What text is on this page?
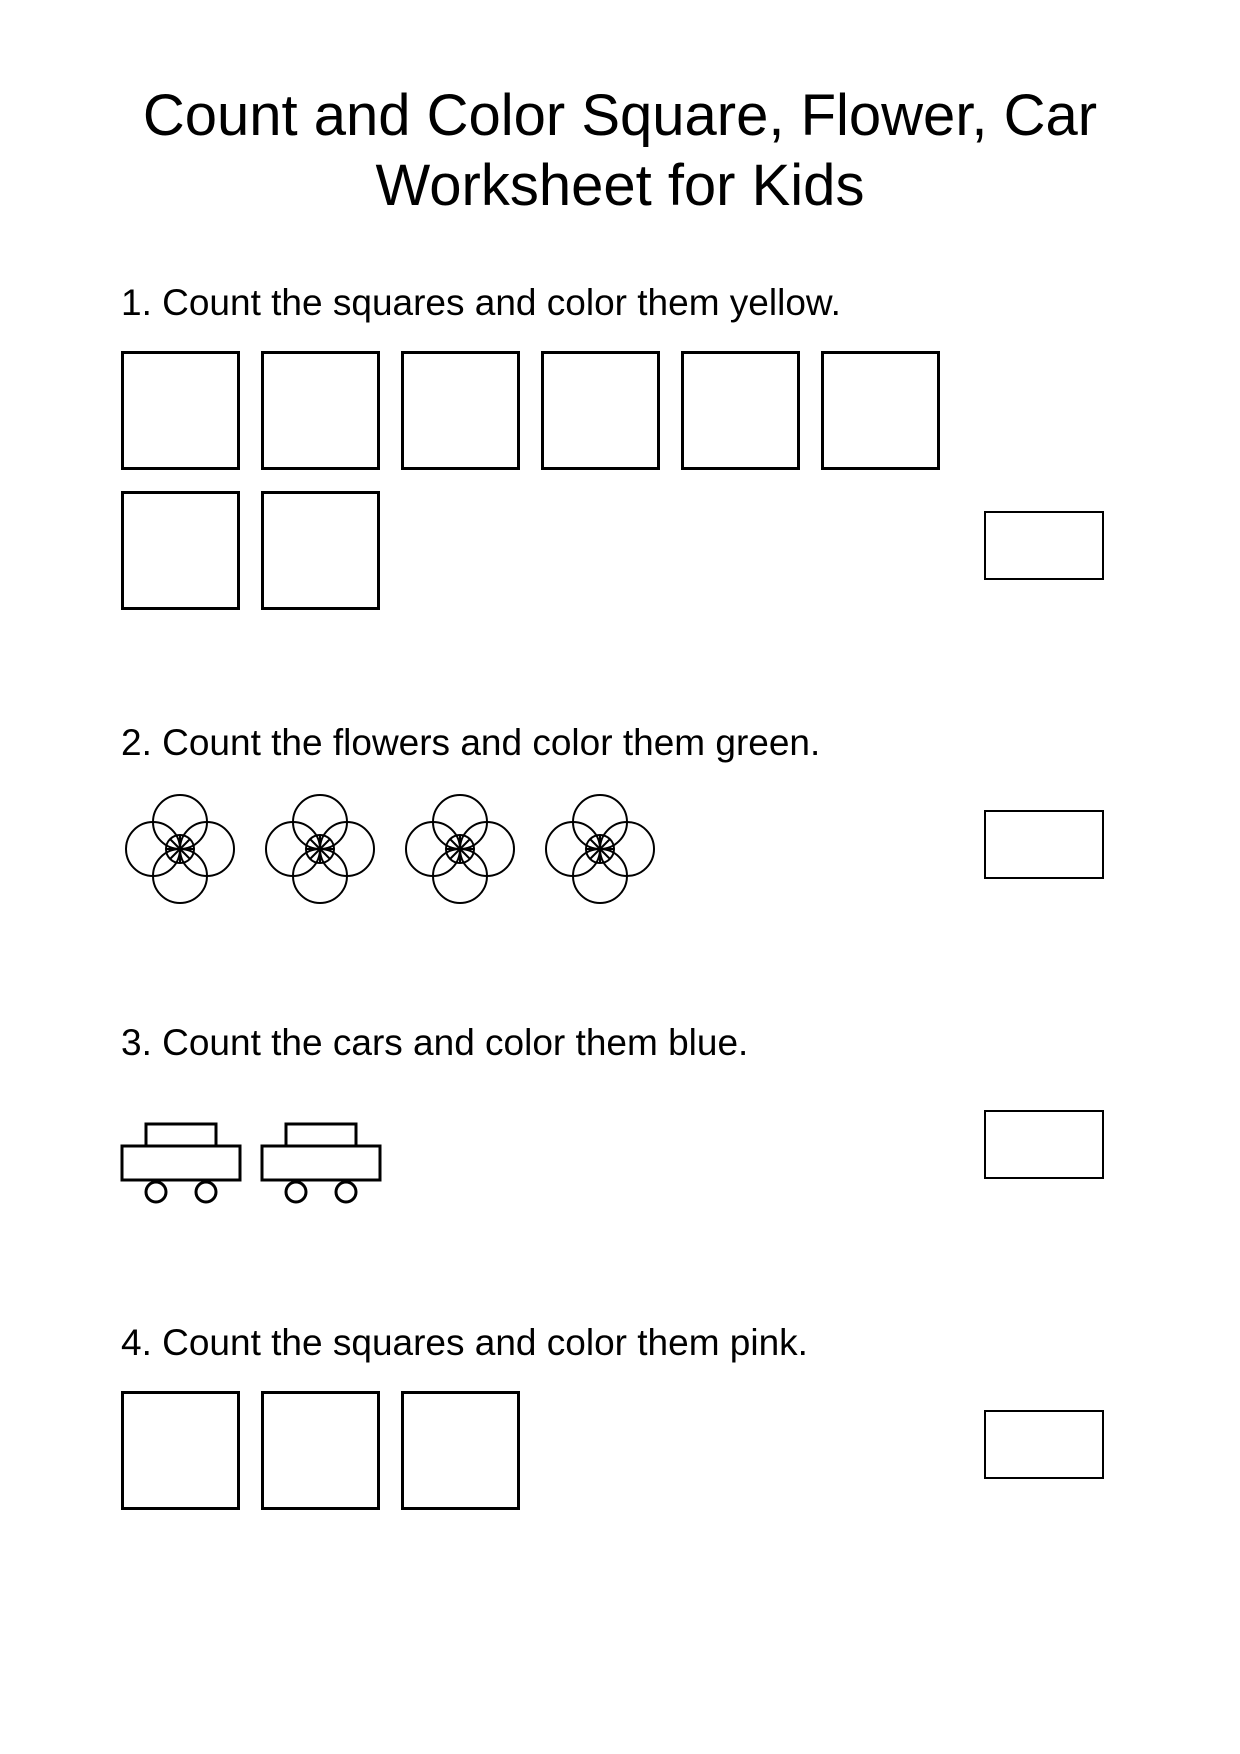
Count and Color Square, Flower, Car
Worksheet for Kids
1. Count the squares and color them yellow.
2. Count the flowers and color them green.
3. Count the cars and color them blue.
4. Count the squares and color them pink.
